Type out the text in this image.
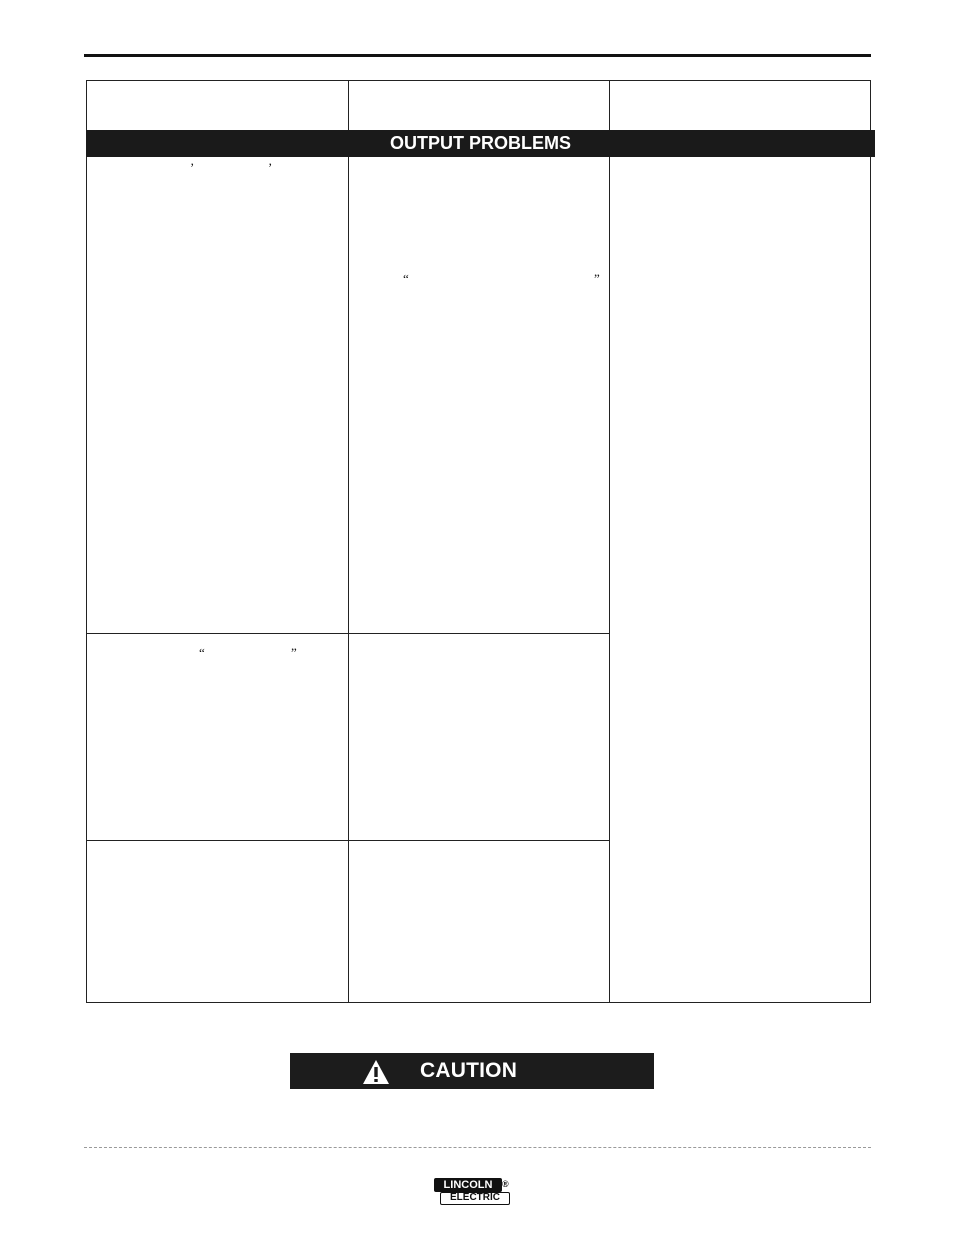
OUTPUT PROBLEMS
’	’
“	”
“	”
CAUTION
LINCOLN
ELECTRIC
®
